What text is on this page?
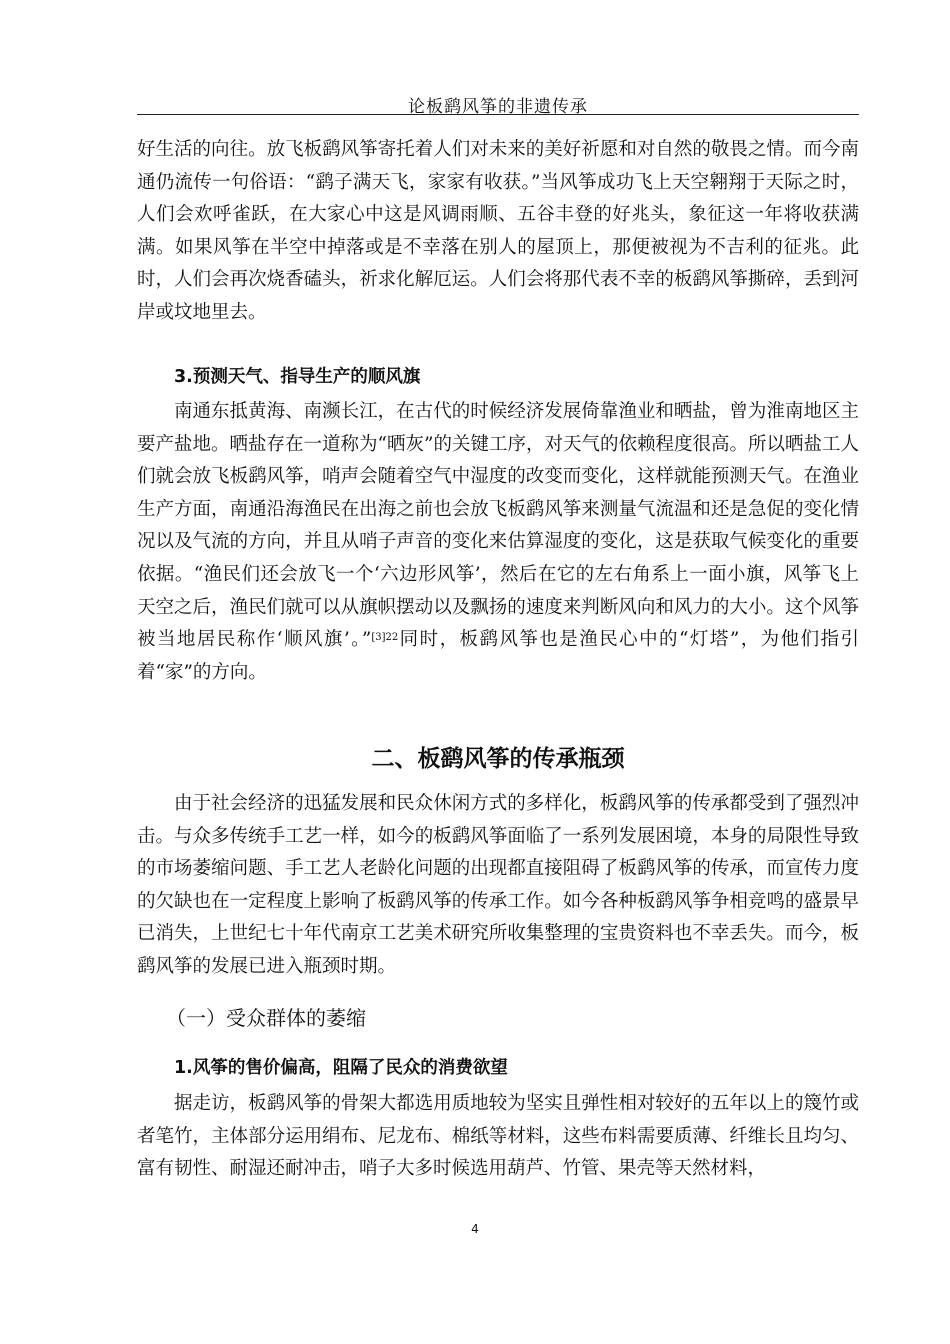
论板鹞风筝的非遗传承

好生活的向往。放飞板鹞风筝寄托着人们对未来的美好祈愿和对自然的敬畏之情。而今南通仍流传一句俗语：“鹞子满天飞，家家有收获。”当风筝成功飞上天空翱翔于天际之时，人们会欢呼雀跃，在大家心中这是风调雨顺、五谷丰登的好兆头，象征这一年将收获满满。如果风筝在半空中掉落或是不幸落在别人的屋顶上，那便被视为不吉利的征兆。此时，人们会再次烧香磕头，祈求化解厄运。人们会将那代表不幸的板鹞风筝撕碎，丢到河岸或坟地里去。

3.预测天气、指导生产的顺风旗

南通东抵黄海、南濒长江，在古代的时候经济发展倚靠渔业和晒盐，曾为淮南地区主要产盐地。晒盐存在一道称为“晒灰”的关键工序，对天气的依赖程度很高。所以晒盐工人们就会放飞板鹞风筝，哨声会随着空气中湿度的改变而变化，这样就能预测天气。在渔业生产方面，南通沿海渔民在出海之前也会放飞板鹞风筝来测量气流温和还是急促的变化情况以及气流的方向，并且从哨子声音的变化来估算湿度的变化，这是获取气候变化的重要依据。“渔民们还会放飞一个‘六边形风筝’，然后在它的左右角系上一面小旗，风筝飞上天空之后，渔民们就可以从旗帜摆动以及飘扬的速度来判断风向和风力的大小。这个风筝被当地居民称作‘顺风旗’。”$^{[3]22}$同时，板鹞风筝也是渔民心中的“灯塔”，为他们指引着“家”的方向。

二、板鹞风筝的传承瓶颈

由于社会经济的迅猛发展和民众休闲方式的多样化，板鹞风筝的传承都受到了强烈冲击。与众多传统手工艺一样，如今的板鹞风筝面临了一系列发展困境，本身的局限性导致的市场萎缩问题、手工艺人老龄化问题的出现都直接阻碍了板鹞风筝的传承，而宣传力度的欠缺也在一定程度上影响了板鹞风筝的传承工作。如今各种板鹞风筝争相竞鸣的盛景早已消失，上世纪七十年代南京工艺美术研究所收集整理的宝贵资料也不幸丢失。而今，板鹞风筝的发展已进入瓶颈时期。

（一）受众群体的萎缩

1.风筝的售价偏高，阻隔了民众的消费欲望

据走访，板鹞风筝的骨架大都选用质地较为坚实且弹性相对较好的五年以上的篾竹或者笔竹，主体部分运用绢布、尼龙布、棉纸等材料，这些布料需要质薄、纤维长且均匀、富有韧性、耐湿还耐冲击，哨子大多时候选用葫芦、竹管、果壳等天然材料，

4
